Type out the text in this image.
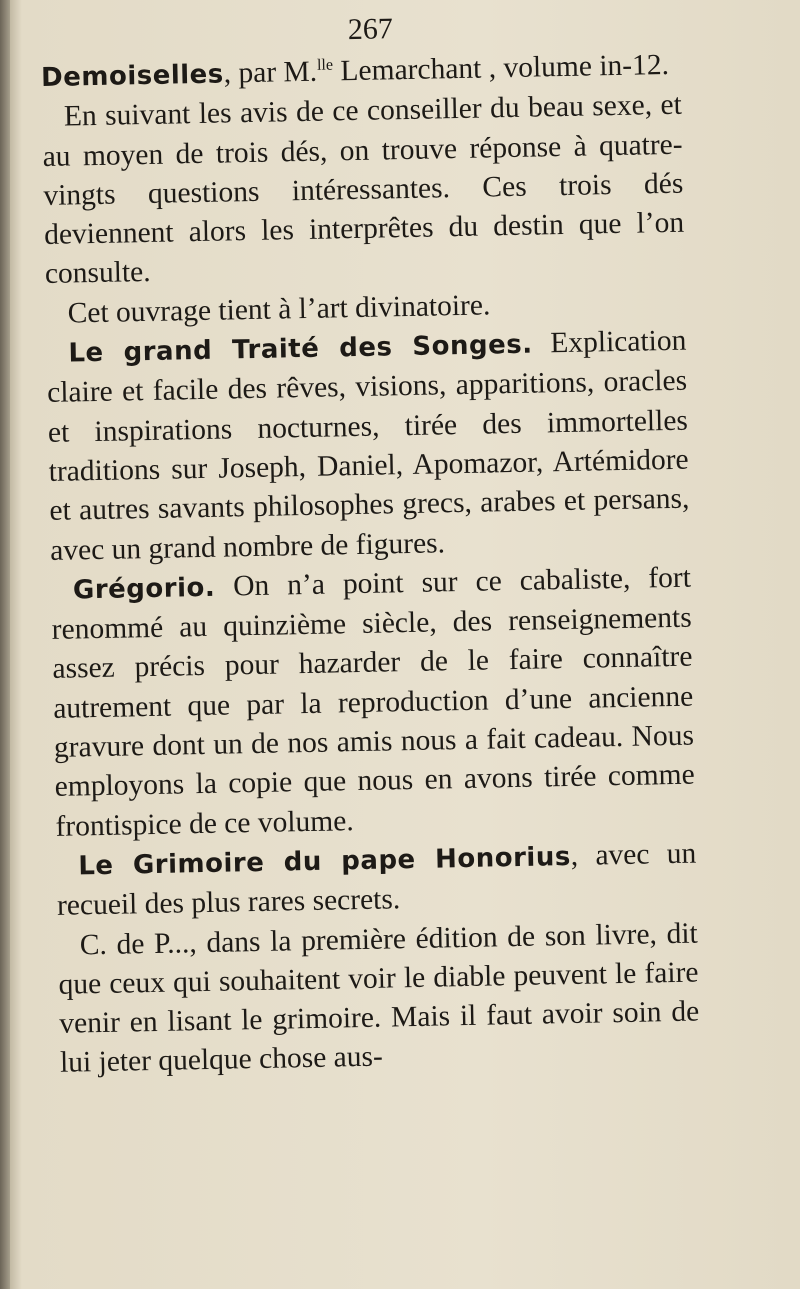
267

Demoiselles, par M.$^{lle}$ Lemarchant , volume in-12.

En suivant les avis de ce conseiller du beau sexe, et au moyen de trois dés, on trouve réponse à quatre-vingts questions intéressantes. Ces trois dés deviennent alors les interprêtes du destin que l’on consulte.

Cet ouvrage tient à l’art divinatoire.

Le grand Traité des Songes. Explication claire et facile des rêves, visions, apparitions, oracles et inspirations nocturnes, tirée des immortelles traditions sur Joseph, Daniel, Apomazor, Artémidore et autres savants philosophes grecs, arabes et persans, avec un grand nombre de figures.

Grégorio. On n’a point sur ce cabaliste, fort renommé au quinzième siècle, des renseignements assez précis pour hazarder de le faire connaître autrement que par la reproduction d’une ancienne gravure dont un de nos amis nous a fait cadeau. Nous employons la copie que nous en avons tirée comme frontispice de ce volume.

Le Grimoire du pape Honorius, avec un recueil des plus rares secrets.

C. de P..., dans la première édition de son livre, dit que ceux qui souhaitent voir le diable peuvent le faire venir en lisant le grimoire. Mais il faut avoir soin de lui jeter quelque chose aus-
